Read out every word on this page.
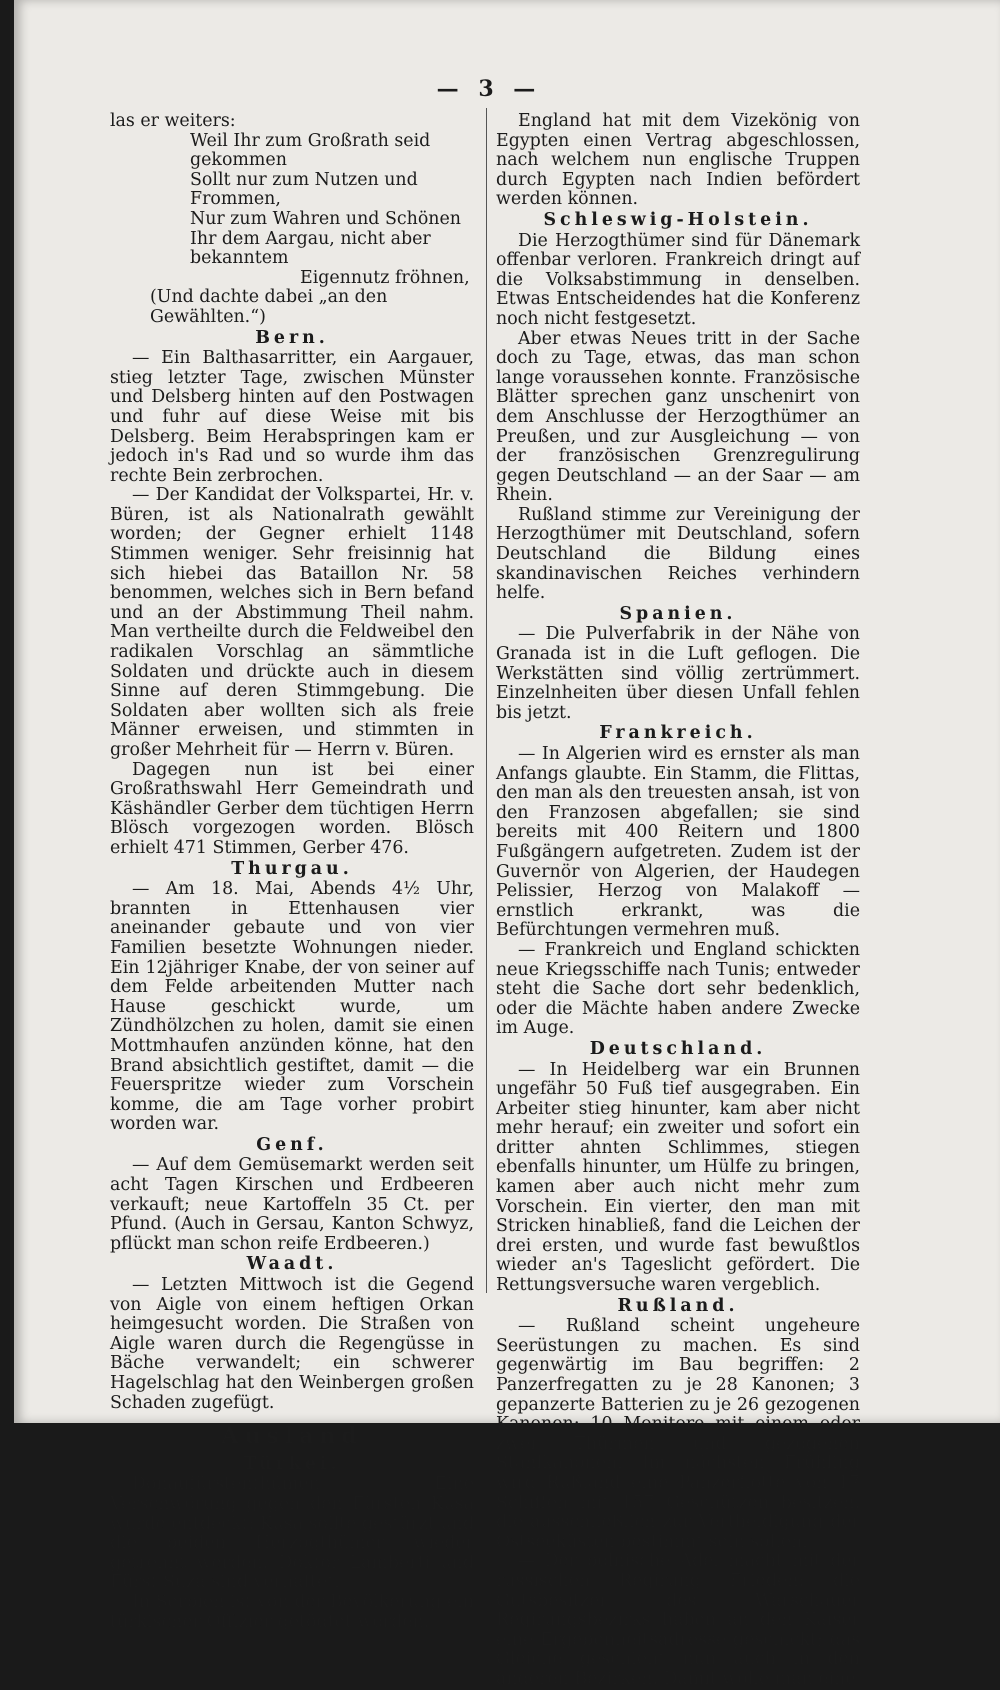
— 3 —

las er weiters:

Weil Ihr zum Großrath seid gekommen

Sollt nur zum Nutzen und Frommen,

Nur zum Wahren und Schönen

Ihr dem Aargau, nicht aber bekanntem

Eigennutz fröhnen,

(Und dachte dabei „an den Gewählten.“)

Bern.

— Ein Balthasarritter, ein Aargauer, stieg letzter Tage, zwischen Münster und Delsberg hinten auf den Postwagen und fuhr auf diese Weise mit bis Delsberg. Beim Herabspringen kam er jedoch in's Rad und so wurde ihm das rechte Bein zerbrochen.

— Der Kandidat der Volkspartei, Hr. v. Büren, ist als Nationalrath gewählt worden; der Gegner erhielt 1148 Stimmen weniger. Sehr freisinnig hat sich hiebei das Bataillon Nr. 58 benommen, welches sich in Bern befand und an der Abstimmung Theil nahm. Man vertheilte durch die Feldweibel den radikalen Vorschlag an sämmtliche Soldaten und drückte auch in diesem Sinne auf deren Stimmgebung. Die Soldaten aber wollten sich als freie Männer erweisen, und stimmten in großer Mehrheit für — Herrn v. Büren.

Dagegen nun ist bei einer Großrathswahl Herr Gemeindrath und Käshändler Gerber dem tüchtigen Herrn Blösch vorgezogen worden. Blösch erhielt 471 Stimmen, Gerber 476.

Thurgau.

— Am 18. Mai, Abends 4½ Uhr, brannten in Ettenhausen vier aneinander gebaute und von vier Familien besetzte Wohnungen nieder. Ein 12jähriger Knabe, der von seiner auf dem Felde arbeitenden Mutter nach Hause geschickt wurde, um Zündhölzchen zu holen, damit sie einen Mottmhaufen anzünden könne, hat den Brand absichtlich gestiftet, damit — die Feuerspritze wieder zum Vorschein komme, die am Tage vorher probirt worden war.

Genf.

— Auf dem Gemüsemarkt werden seit acht Tagen Kirschen und Erdbeeren verkauft; neue Kartoffeln 35 Ct. per Pfund. (Auch in Gersau, Kanton Schwyz, pflückt man schon reife Erdbeeren.)

Waadt.

— Letzten Mittwoch ist die Gegend von Aigle von einem heftigen Orkan heimgesucht worden. Die Straßen von Aigle waren durch die Regengüsse in Bäche verwandelt; ein schwerer Hagelschlag hat den Weinbergen großen Schaden zugefügt.

Ausland
Türkei.

Donaufürstenthümer. Eine Verschwörung gegen den Fürsten Kusa wurde entdeckt; Kusa sollte gestürzt und die beiden Herzogthümer wieder getrennt werden. Doktor Lamberti und Fürst Suza sind verhaftet.

In Serbien ist von der Bevölkerung ein türkischer Offizier getödtet worden.

England hat mit dem Vizekönig von Egypten einen Vertrag abgeschlossen, nach welchem nun englische Truppen durch Egypten nach Indien befördert werden können.

Schleswig-Holstein.

Die Herzogthümer sind für Dänemark offenbar verloren. Frankreich dringt auf die Volksabstimmung in denselben. Etwas Entscheidendes hat die Konferenz noch nicht festgesetzt.

Aber etwas Neues tritt in der Sache doch zu Tage, etwas, das man schon lange voraussehen konnte. Französische Blätter sprechen ganz unschenirt von dem Anschlusse der Herzogthümer an Preußen, und zur Ausgleichung — von der französischen Grenzregulirung gegen Deutschland — an der Saar — am Rhein.

Rußland stimme zur Vereinigung der Herzogthümer mit Deutschland, sofern Deutschland die Bildung eines skandinavischen Reiches verhindern helfe.

Spanien.

— Die Pulverfabrik in der Nähe von Granada ist in die Luft geflogen. Die Werkstätten sind völlig zertrümmert. Einzelnheiten über diesen Unfall fehlen bis jetzt.

Frankreich.

— In Algerien wird es ernster als man Anfangs glaubte. Ein Stamm, die Flittas, den man als den treuesten ansah, ist von den Franzosen abgefallen; sie sind bereits mit 400 Reitern und 1800 Fußgängern aufgetreten. Zudem ist der Guvernör von Algerien, der Haudegen Pelissier, Herzog von Malakoff — ernstlich erkrankt, was die Befürchtungen vermehren muß.

— Frankreich und England schickten neue Kriegsschiffe nach Tunis; entweder steht die Sache dort sehr bedenklich, oder die Mächte haben andere Zwecke im Auge.

Deutschland.

— In Heidelberg war ein Brunnen ungefähr 50 Fuß tief ausgegraben. Ein Arbeiter stieg hinunter, kam aber nicht mehr herauf; ein zweiter und sofort ein dritter ahnten Schlimmes, stiegen ebenfalls hinunter, um Hülfe zu bringen, kamen aber auch nicht mehr zum Vorschein. Ein vierter, den man mit Stricken hinabließ, fand die Leichen der drei ersten, und wurde fast bewußtlos wieder an's Tageslicht gefördert. Die Rettungsversuche waren vergeblich.

Rußland.

— Rußland scheint ungeheure Seerüstungen zu machen. Es sind gegenwärtig im Bau begriffen: 2 Panzerfregatten zu je 28 Kanonen; 3 gepanzerte Batterien zu je 26 gezogenen Kanonen; 10 Monitore mit einem oder zwei Thürmen und gezogenen Stahlkanonen. Im nächsten Frühling wird Rußland eine Panzerflotte von 17 Schiffen mit 157 Geschützen besitzen, die ausschließlich zur Vertheidigung der Ostseeküsten bestimmt sein sollen.

— Der polnische Adel macht mit der russischen Regirung Frieden; die Gutsbesitzer des Warschauer Regirungsbezirks haben an den Kaiser eine Ergebenheitsadresse geschickt; das Gleiche geschieht nun auch in den anderen Bezirken. Damit wolle man eine
